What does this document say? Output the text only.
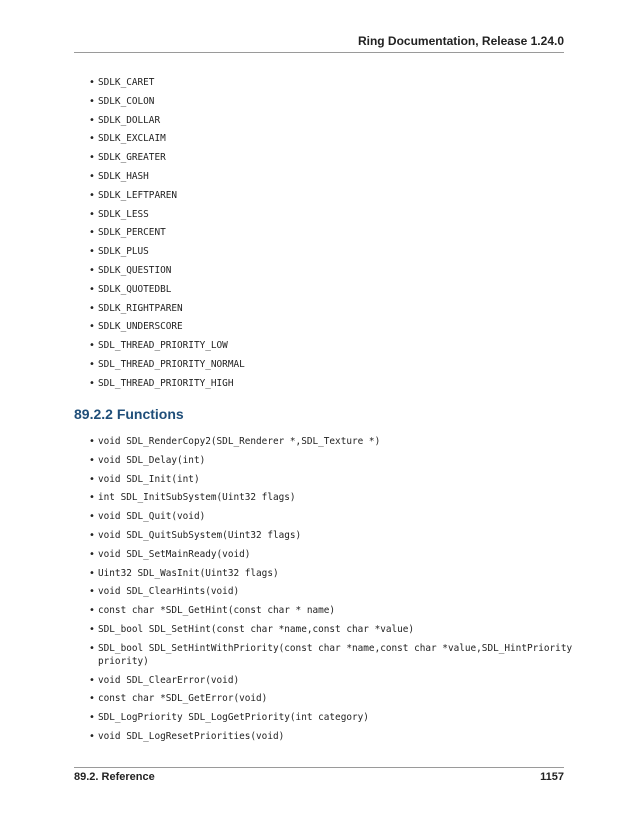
Ring Documentation, Release 1.24.0
• SDLK_CARET
• SDLK_COLON
• SDLK_DOLLAR
• SDLK_EXCLAIM
• SDLK_GREATER
• SDLK_HASH
• SDLK_LEFTPAREN
• SDLK_LESS
• SDLK_PERCENT
• SDLK_PLUS
• SDLK_QUESTION
• SDLK_QUOTEDBL
• SDLK_RIGHTPAREN
• SDLK_UNDERSCORE
• SDL_THREAD_PRIORITY_LOW
• SDL_THREAD_PRIORITY_NORMAL
• SDL_THREAD_PRIORITY_HIGH
89.2.2 Functions
• void SDL_RenderCopy2(SDL_Renderer *,SDL_Texture *)
• void SDL_Delay(int)
• void SDL_Init(int)
• int SDL_InitSubSystem(Uint32 flags)
• void SDL_Quit(void)
• void SDL_QuitSubSystem(Uint32 flags)
• void SDL_SetMainReady(void)
• Uint32 SDL_WasInit(Uint32 flags)
• void SDL_ClearHints(void)
• const char *SDL_GetHint(const char * name)
• SDL_bool SDL_SetHint(const char *name,const char *value)
• SDL_bool SDL_SetHintWithPriority(const char *name,const char *value,SDL_HintPriority
priority)
• void SDL_ClearError(void)
• const char *SDL_GetError(void)
• SDL_LogPriority SDL_LogGetPriority(int category)
• void SDL_LogResetPriorities(void)
89.2. Reference	1157
